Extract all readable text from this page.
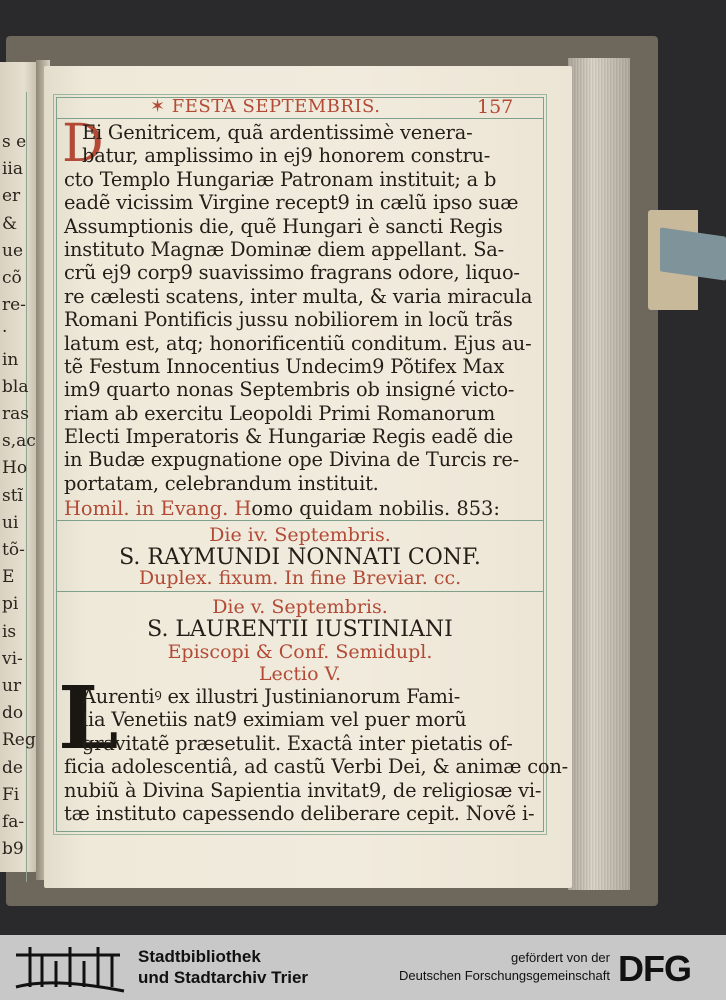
s e
iia
er
&
ue
cõ
re-
·
in
bla
ras
s,ac
Ho
stĩ
ui
tõ-
E
pi
is
vi-
ur
do
Reg
de
Fi
fa-
b9
✶ FESTA SEPTEMBRIS.	157
D
Ei Genitricem, quã ardentissimè venera-
batur, amplissimo in ej9 honorem constru-
cto Templo Hungariæ Patronam instituit; a b
eadẽ vicissim Virgine recept9 in cælũ ipso suæ
Assumptionis die, quẽ Hungari è sancti Regis
instituto Magnæ Dominæ diem appellant. Sa-
crũ ej9 corp9 suavissimo fragrans odore, liquo-
re cælesti scatens, inter multa, & varia miracula
Romani Pontificis jussu nobiliorem in locũ trãs
latum est, atq; honorificentiũ conditum. Ejus au-
tẽ Festum Innocentius Undecim9 Põtifex Max
im9 quarto nonas Septembris ob insigné victo-
riam ab exercitu Leopoldi Primi Romanorum
Electi Imperatoris & Hungariæ Regis eadẽ die
in Budæ expugnatione ope Divina de Turcis re-
portatam, celebrandum instituit.
Homil. in Evang. Homo quidam nobilis. 853:
Die iv. Septembris.
S. RAYMUNDI NONNATI CONF.
Duplex. fixum. In fine Breviar. cc.
Die v. Septembris.
S. LAURENTII IUSTINIANI
Episcopi & Conf. Semidupl.
Lectio V.
L
Aurentiꝰ ex illustri Justinianorum Fami-
lia Venetiis nat9 eximiam vel puer morũ
gravitatẽ præsetulit. Exactâ inter pietatis of-
ficia adolescentiâ, ad castũ Verbi Dei, & animæ con-
nubiũ à Divina Sapientia invitat9, de religiosæ vi-
tæ instituto capessendo deliberare cepit. Novẽ i-
Stadtbibliothek
und Stadtarchiv Trier
gefördert von der
Deutschen Forschungsgemeinschaft DFG
